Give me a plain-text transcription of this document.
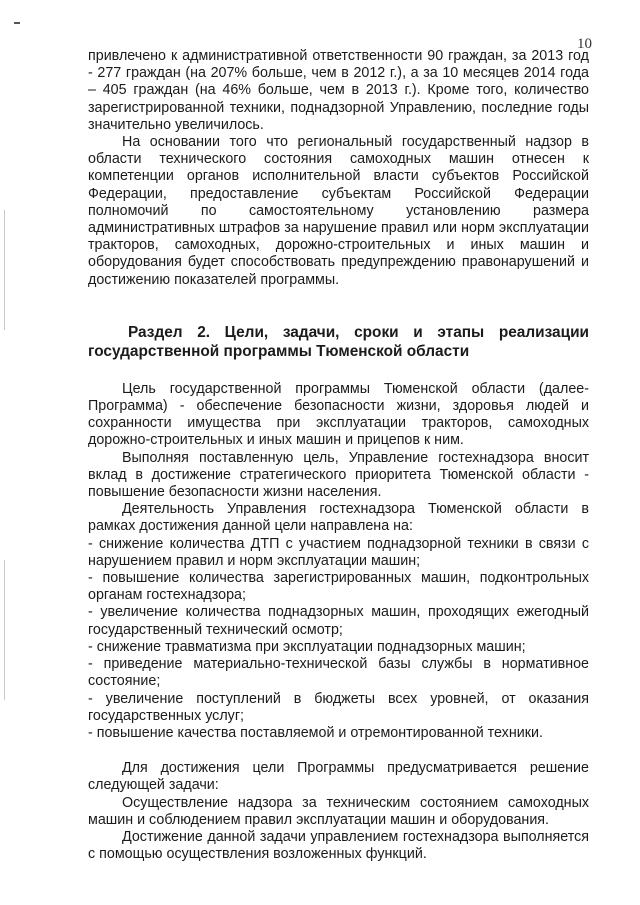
10

привлечено к административной ответственности 90 граждан, за 2013 год - 277 граждан (на 207% больше, чем в 2012 г.), а за 10 месяцев 2014 года – 405 граждан (на 46% больше, чем в 2013 г.). Кроме того, количество зарегистрированной техники, поднадзорной Управлению, последние годы значительно увеличилось.

На основании того что региональный государственный надзор в области технического состояния самоходных машин отнесен к компетенции органов исполнительной власти субъектов Российской Федерации, предоставление субъектам Российской Федерации полномочий по самостоятельному установлению размера административных штрафов за нарушение правил или норм эксплуатации тракторов, самоходных, дорожно-строительных и иных машин и оборудования будет способствовать предупреждению правонарушений и достижению показателей программы.

Раздел 2. Цели, задачи, сроки и этапы реализации государственной программы Тюменской области

Цель государственной программы Тюменской области (далее-Программа) - обеспечение безопасности жизни, здоровья людей и сохранности имущества при эксплуатации тракторов, самоходных дорожно-строительных и иных машин и прицепов к ним.

Выполняя поставленную цель, Управление гостехнадзора вносит вклад в достижение стратегического приоритета Тюменской области - повышение безопасности жизни населения.

Деятельность Управления гостехнадзора Тюменской области в рамках достижения данной цели направлена на:

- снижение количества ДТП с участием поднадзорной техники в связи с нарушением правил и норм эксплуатации машин;

- повышение количества зарегистрированных машин, подконтрольных органам гостехнадзора;

- увеличение количества поднадзорных машин, проходящих ежегодный государственный технический осмотр;

- снижение травматизма при эксплуатации поднадзорных машин;

- приведение материально-технической базы службы в нормативное состояние;

- увеличение поступлений в бюджеты всех уровней, от оказания государственных услуг;

- повышение качества поставляемой и отремонтированной техники.

Для достижения цели Программы предусматривается решение следующей задачи:

Осуществление надзора за техническим состоянием самоходных машин и соблюдением правил эксплуатации машин и оборудования.

Достижение данной задачи управлением гостехнадзора выполняется с помощью осуществления возложенных функций.
